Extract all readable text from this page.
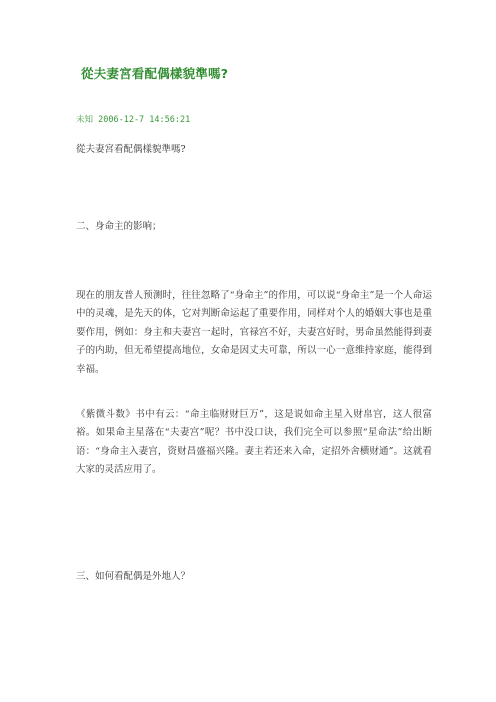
從夫妻宮看配偶樣貌準嗎?
未知 2006-12-7 14:56:21
從夫妻宮看配偶樣貌準嗎?
二、身命主的影响；
现在的朋友普人预测时，往往忽略了“身命主”的作用，可以说“身命主”是一个人命运中的灵魂，是先天的体，它对判断命运起了重要作用，同样对个人的婚姻大事也是重要作用，例如：身主和夫妻宫一起时，官禄宫不好，夫妻宫好时，男命虽然能得到妻子的内助，但无希望提高地位，女命是因丈夫可靠，所以一心一意维持家庭，能得到幸福。
《紫微斗数》书中有云：“命主临财财巨万”，这是说如命主星入财帛宫，这人很富裕。如果命主星落在“夫妻宫”呢？书中没口诀，我们完全可以参照“星命法”给出断语：“身命主入妻宫，资财昌盛福兴隆。妻主若还来入命，定招外舍横财通”。这就看大家的灵活应用了。
三、如何看配偶是外地人？
